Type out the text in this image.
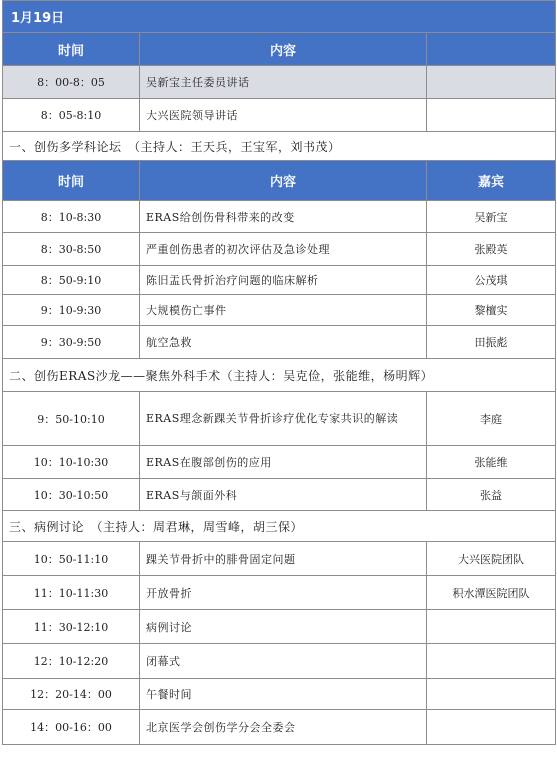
1月19日		
时间	内容	
8：00-8：05	吴新宝主任委员讲话	
8：05-8:10	大兴医院领导讲话	
一、创伤多学科论坛　（主持人：王天兵，王宝军，刘书茂）		
时间	内容	嘉宾
8：10-8:30	ERAS给创伤骨科带来的改变	吴新宝
8：30-8:50	严重创伤患者的初次评估及急诊处理	张殿英
8：50-9:10	陈旧盂氏骨折治疗问题的临床解析	公茂琪
9：10-9:30	大规模伤亡事件	黎檀实
9：30-9:50	航空急救	田振彪
二、创伤ERAS沙龙——聚焦外科手术（主持人：吴克俭，张能维，杨明辉）		
9：50-10:10	ERAS理念新踝关节骨折诊疗优化专家共识的解读	李庭
10：10-10:30	ERAS在腹部创伤的应用	张能维
10：30-10:50	ERAS与颌面外科	张益
三、病例讨论　（主持人：周君琳，周雪峰，胡三保）		
10：50-11:10	踝关节骨折中的腓骨固定问题	大兴医院团队
11：10-11:30	开放骨折	积水潭医院团队
11：30-12:10	病例讨论	
12：10-12:20	闭幕式	
12：20-14：00	午餐时间	
14：00-16：00	北京医学会创伤学分会全委会	
